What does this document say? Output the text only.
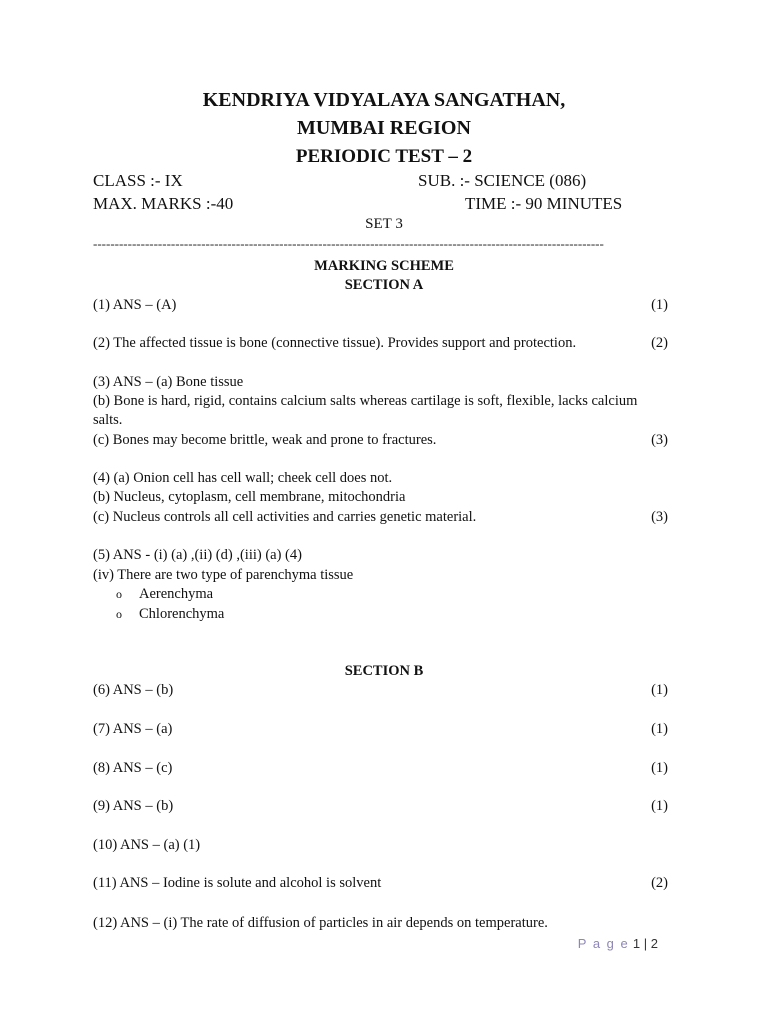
KENDRIYA VIDYALAYA SANGATHAN,
MUMBAI REGION
PERIODIC TEST – 2
CLASS :- IX	SUB. :- SCIENCE (086)
MAX. MARKS :-40	TIME :- 90 MINUTES
SET 3
----------------------------------------------------------------------------------------------------------------------
MARKING SCHEME
SECTION A
(1) ANS – (A)	(1)
(2) The affected tissue is bone (connective tissue). Provides support and protection.	(2)
(3) ANS – (a) Bone tissue
(b) Bone is hard, rigid, contains calcium salts whereas cartilage is soft, flexible, lacks calcium
salts.
(c) Bones may become brittle, weak and prone to fractures.	(3)
(4) (a) Onion cell has cell wall; cheek cell does not.
(b) Nucleus, cytoplasm, cell membrane, mitochondria
(c) Nucleus controls all cell activities and carries genetic material.	(3)
(5) ANS - (i) (a) ,(ii) (d) ,(iii) (a) (4)
(iv) There are two type of parenchyma tissue
o Aerenchyma
o Chlorenchyma
SECTION B
(6) ANS – (b)	(1)
(7) ANS – (a)	(1)
(8) ANS – (c)	(1)
(9) ANS – (b)	(1)
(10) ANS – (a) (1)
(11) ANS – Iodine is solute and alcohol is solvent	(2)
(12) ANS – (i) The rate of diffusion of particles in air depends on temperature.
P a g e 1 | 2
